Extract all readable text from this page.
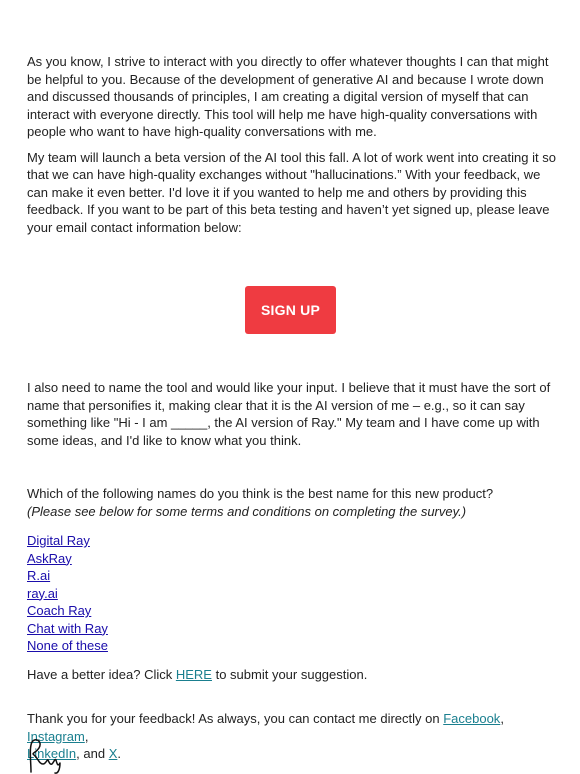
As you know, I strive to interact with you directly to offer whatever thoughts I can that might be helpful to you. Because of the development of generative AI and because I wrote down and discussed thousands of principles, I am creating a digital version of myself that can interact with everyone directly. This tool will help me have high-quality conversations with people who want to have high-quality conversations with me.

My team will launch a beta version of the AI tool this fall. A lot of work went into creating it so that we can have high-quality exchanges without "hallucinations.” With your feedback, we can make it even better. I'd love it if you wanted to help me and others by providing this feedback. If you want to be part of this beta testing and haven’t yet signed up, please leave your email contact information below:

SIGN UP

I also need to name the tool and would like your input. I believe that it must have the sort of name that personifies it, making clear that it is the AI version of me – e.g., so it can say something like "Hi - I am _____, the AI version of Ray." My team and I have come up with some ideas, and I'd like to know what you think.

Which of the following names do you think is the best name for this new product?

(Please see below for some terms and conditions on completing the survey.)

Digital Ray
AskRay
R.ai
ray.ai
Coach Ray
Chat with Ray
None of these

Have a better idea? Click HERE to submit your suggestion.

Thank you for your feedback! As always, you can contact me directly on Facebook, Instagram,
LinkedIn, and X.
